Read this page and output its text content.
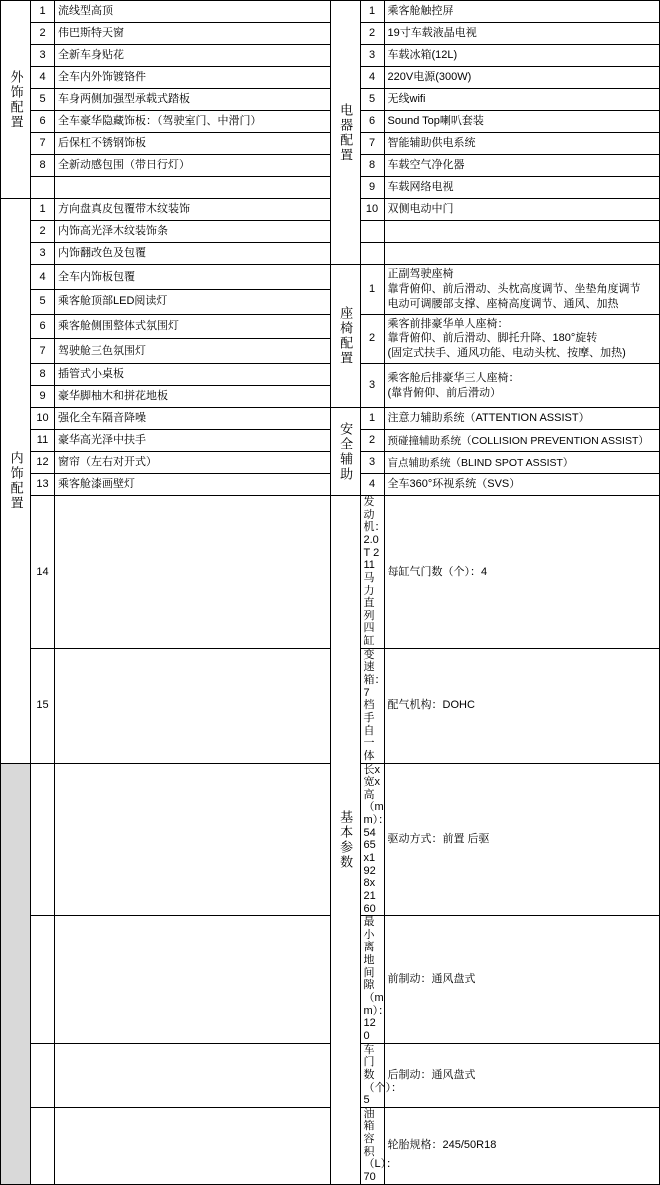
外饰配置	1	流线型高顶	电器配置	1	乘客舱触控屏
	2	伟巴斯特天窗		2	19寸车载液晶电视
	3	全新车身贴花		3	车载冰箱(12L)
	4	全车内外饰镀铬件		4	220V电源(300W)
	5	车身两侧加强型承载式踏板		5	无线wifi
	6	全车豪华隐藏饰板：（驾驶室门、中滑门）		6	Sound Top喇叭套装
	7	后保杠不锈钢饰板		7	智能辅助供电系统
	8	全新动感包围（带日行灯）		8	车载空气净化器
				9	车载网络电视

内饰配置	1	方向盘真皮包覆带木纹装饰		10	双侧电动中门
	2	内饰高光泽木纹装饰条			
	3	内饰翻改色及包覆			
	4	全车内饰板包覆	座椅配置	1	正副驾驶座椅
靠背俯仰、前后滑动、头枕高度调节、坐垫角度调节
电动可调腰部支撑、座椅高度调节、通风、加热

	5	乘客舱顶部LED阅读灯			
	6	乘客舱侧围整体式氛围灯		2	乘客前排豪华单人座椅：
靠背俯仰、前后滑动、脚托升降、180°旋转
(固定式扶手、通风功能、电动头枕、按摩、加热)

	7	驾驶舱三色氛围灯			
	8	插管式小桌板		3	乘客舱后排豪华三人座椅：
(靠背俯仰、前后滑动）

	9	豪华脚柚木和拼花地板			
	10	强化全车隔音降噪	安全辅助	1	注意力辅助系统（ATTENTION ASSIST）
	11	豪华高光泽中扶手		2	预碰撞辅助系统（COLLISION PREVENTION ASSIST）
	12	窗帘（左右对开式）		3	盲点辅助系统（BLIND SPOT ASSIST）
	13	乘客舱漆画壁灯		4	全车360°环视系统（SVS）
	14		基本参数	发动机：2.0T 211马力 直列四缸	每缸气门数（个）：4
	15			变速箱：7档手自一体	配气机构：DOHC
				长x宽x高（mm）：5465x1928x2160	驱动方式：前置 后驱
				最小离地间隙（mm）：120	前制动：通风盘式
				车门数（个）：5	后制动：通风盘式
				油箱容积（L）：70	轮胎规格：245/50R18
